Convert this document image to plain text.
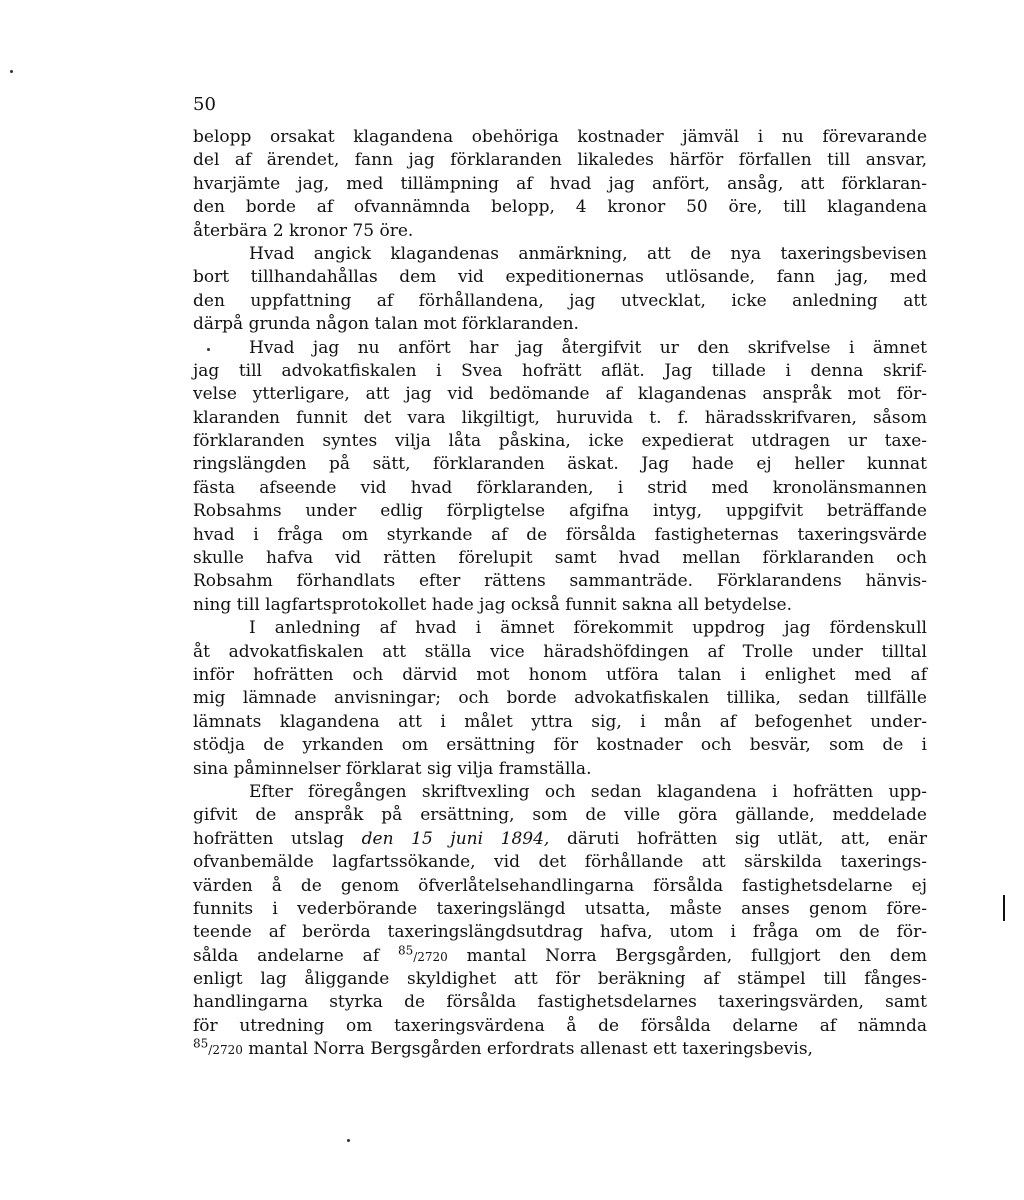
50
belopp orsakat klagandena obehöriga kostnader jämväl i nu förevarande
del af ärendet, fann jag förklaranden likaledes härför förfallen till ansvar,
hvarjämte jag, med tillämpning af hvad jag anfört, ansåg, att förklaran-
den borde af ofvannämnda belopp, 4 kronor 50 öre, till klagandena
återbära 2 kronor 75 öre.
Hvad angick klagandenas anmärkning, att de nya taxeringsbevisen
bort tillhandahållas dem vid expeditionernas utlösande, fann jag, med
den uppfattning af förhållandena, jag utvecklat, icke anledning att
därpå grunda någon talan mot förklaranden.
Hvad jag nu anfört har jag återgifvit ur den skrifvelse i ämnet
jag till advokatfiskalen i Svea hofrätt aflät. Jag tillade i denna skrif-
velse ytterligare, att jag vid bedömande af klagandenas anspråk mot för-
klaranden funnit det vara likgiltigt, huruvida t. f. häradsskrifvaren, såsom
förklaranden syntes vilja låta påskina, icke expedierat utdragen ur taxe-
ringslängden på sätt, förklaranden äskat. Jag hade ej heller kunnat
fästa afseende vid hvad förklaranden, i strid med kronolänsmannen
Robsahms under edlig förpligtelse afgifna intyg, uppgifvit beträffande
hvad i fråga om styrkande af de försålda fastigheternas taxeringsvärde
skulle hafva vid rätten förelupit samt hvad mellan förklaranden och
Robsahm förhandlats efter rättens sammanträde. Förklarandens hänvis-
ning till lagfartsprotokollet hade jag också funnit sakna all betydelse.
I anledning af hvad i ämnet förekommit uppdrog jag fördenskull
åt advokatfiskalen att ställa vice häradshöfdingen af Trolle under tilltal
inför hofrätten och därvid mot honom utföra talan i enlighet med af
mig lämnade anvisningar; och borde advokatfiskalen tillika, sedan tillfälle
lämnats klagandena att i målet yttra sig, i mån af befogenhet under-
stödja de yrkanden om ersättning för kostnader och besvär, som de i
sina påminnelser förklarat sig vilja framställa.
Efter föregången skriftvexling och sedan klagandena i hofrätten upp-
gifvit de anspråk på ersättning, som de ville göra gällande, meddelade
hofrätten utslag den 15 juni 1894, däruti hofrätten sig utlät, att, enär
ofvanbemälde lagfartssökande, vid det förhållande att särskilda taxerings-
värden å de genom öfverlåtelsehandlingarna försålda fastighetsdelarne ej
funnits i vederbörande taxeringslängd utsatta, måste anses genom före-
teende af berörda taxeringslängdsutdrag hafva, utom i fråga om de för-
sålda andelarne af $^{85}$/2720 mantal Norra Bergsgården, fullgjort den dem
enligt lag åliggande skyldighet att för beräkning af stämpel till fånges-
handlingarna styrka de försålda fastighetsdelarnes taxeringsvärden, samt
för utredning om taxeringsvärdena å de försålda delarne af nämnda
$^{85}$/2720 mantal Norra Bergsgården erfordrats allenast ett taxeringsbevis,
